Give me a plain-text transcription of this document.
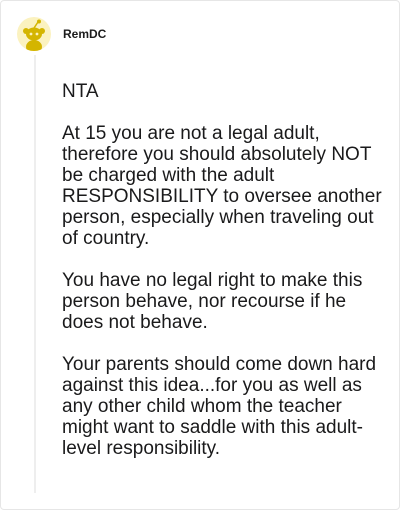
RemDC

NTA

At 15 you are not a legal adult, therefore you should absolutely NOT be charged with the adult RESPONSIBILITY to oversee another person, especially when traveling out of country.

You have no legal right to make this person behave, nor recourse if he does not behave.

Your parents should come down hard against this idea...for you as well as any other child whom the teacher might want to saddle with this adult-level responsibility.
